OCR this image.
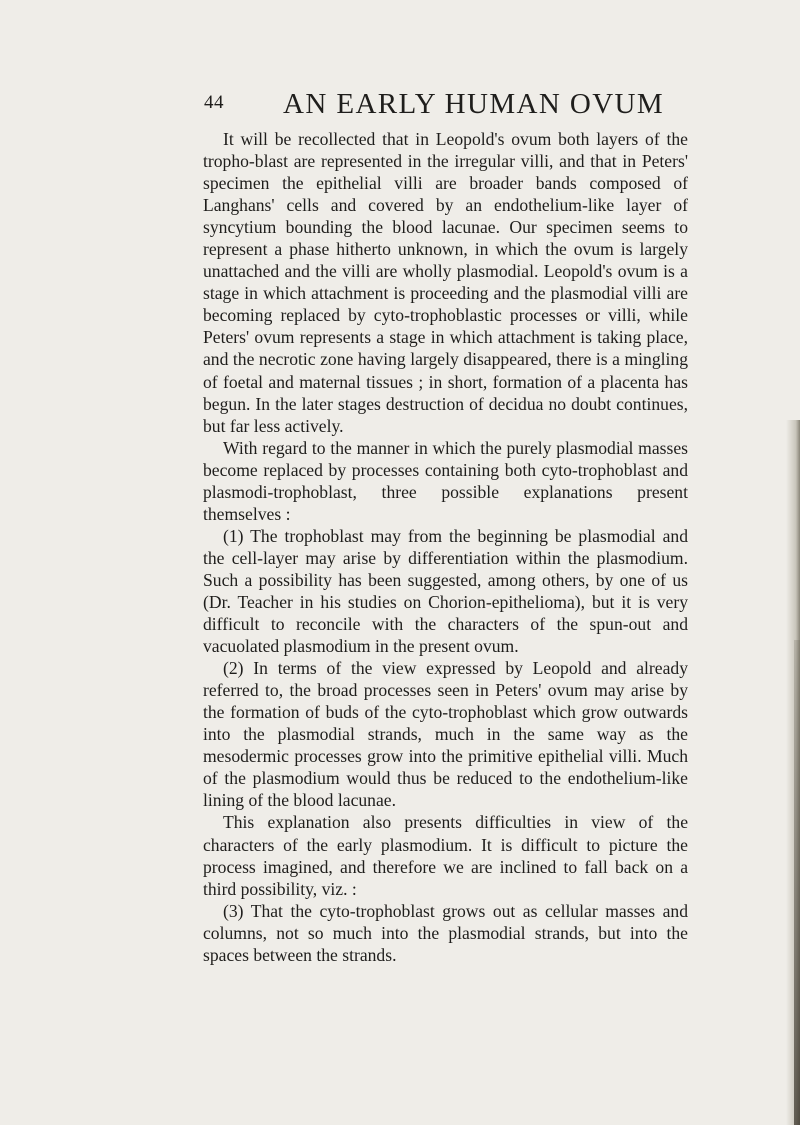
44 AN EARLY HUMAN OVUM

It will be recollected that in Leopold's ovum both layers of the tropho-blast are represented in the irregular villi, and that in Peters' specimen the epithelial villi are broader bands composed of Langhans' cells and covered by an endothelium-like layer of syncytium bounding the blood lacunae. Our specimen seems to represent a phase hitherto unknown, in which the ovum is largely unattached and the villi are wholly plasmodial. Leopold's ovum is a stage in which attachment is proceeding and the plasmodial villi are becoming replaced by cyto-trophoblastic processes or villi, while Peters' ovum represents a stage in which attachment is taking place, and the necrotic zone having largely disappeared, there is a mingling of foetal and maternal tissues ; in short, formation of a placenta has begun. In the later stages destruction of decidua no doubt continues, but far less actively.

With regard to the manner in which the purely plasmodial masses become replaced by processes containing both cyto-trophoblast and plasmodi-trophoblast, three possible explanations present themselves :

(1) The trophoblast may from the beginning be plasmodial and the cell-layer may arise by differentiation within the plasmodium. Such a possibility has been suggested, among others, by one of us (Dr. Teacher in his studies on Chorion-epithelioma), but it is very difficult to reconcile with the characters of the spun-out and vacuolated plasmodium in the present ovum.

(2) In terms of the view expressed by Leopold and already referred to, the broad processes seen in Peters' ovum may arise by the formation of buds of the cyto-trophoblast which grow outwards into the plasmodial strands, much in the same way as the mesodermic processes grow into the primitive epithelial villi. Much of the plasmodium would thus be reduced to the endothelium-like lining of the blood lacunae.

This explanation also presents difficulties in view of the characters of the early plasmodium. It is difficult to picture the process imagined, and therefore we are inclined to fall back on a third possibility, viz. :

(3) That the cyto-trophoblast grows out as cellular masses and columns, not so much into the plasmodial strands, but into the spaces between the strands.
